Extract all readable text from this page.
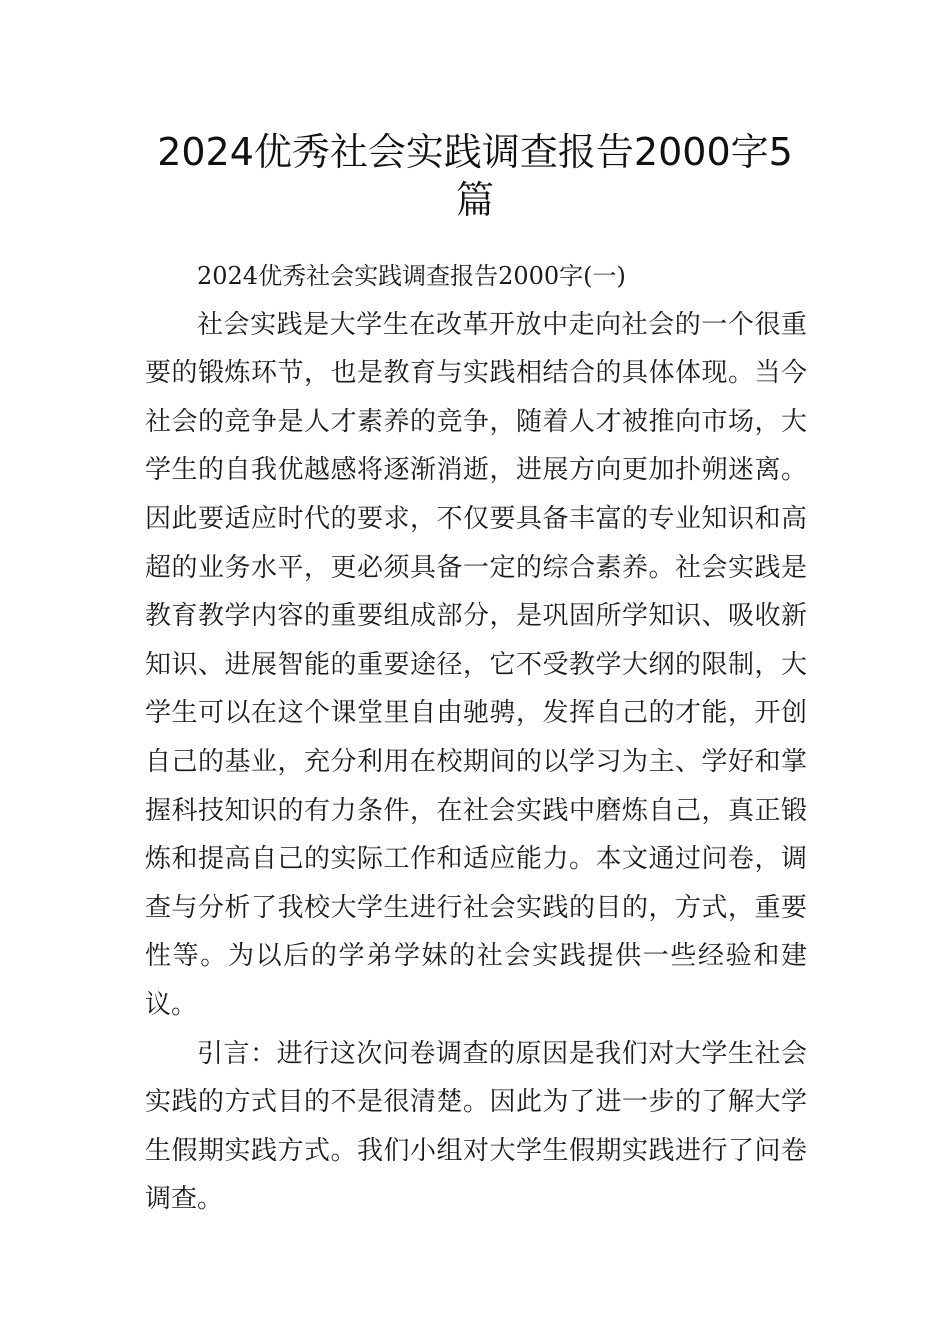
2024优秀社会实践调查报告2000字5篇

2024优秀社会实践调查报告2000字(一)

社会实践是大学生在改革开放中走向社会的一个很重要的锻炼环节，也是教育与实践相结合的具体体现。当今社会的竞争是人才素养的竞争，随着人才被推向市场，大学生的自我优越感将逐渐消逝，进展方向更加扑朔迷离。因此要适应时代的要求，不仅要具备丰富的专业知识和高超的业务水平，更必须具备一定的综合素养。社会实践是教育教学内容的重要组成部分，是巩固所学知识、吸收新知识、进展智能的重要途径，它不受教学大纲的限制，大学生可以在这个课堂里自由驰骋，发挥自己的才能，开创自己的基业，充分利用在校期间的以学习为主、学好和掌握科技知识的有力条件，在社会实践中磨炼自己，真正锻炼和提高自己的实际工作和适应能力。本文通过问卷，调查与分析了我校大学生进行社会实践的目的，方式，重要性等。为以后的学弟学妹的社会实践提供一些经验和建议。

引言：进行这次问卷调查的原因是我们对大学生社会实践的方式目的不是很清楚。因此为了进一步的了解大学生假期实践方式。我们小组对大学生假期实践进行了问卷调查。
